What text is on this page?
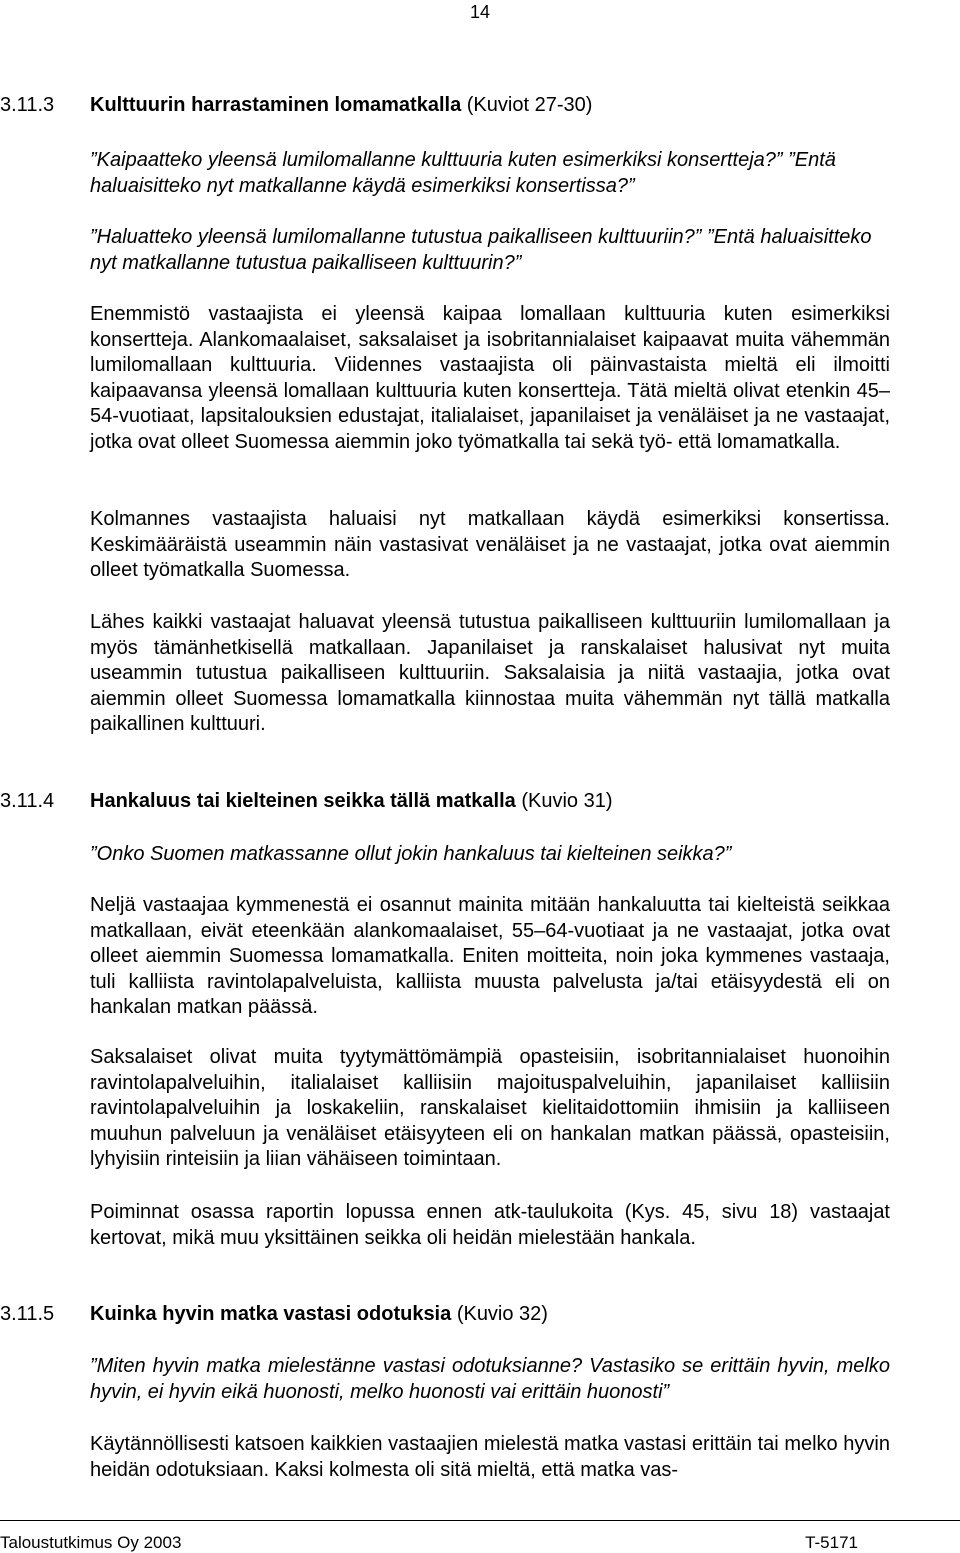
14
3.11.3	Kulttuurin harrastaminen lomamatkalla (Kuviot 27-30)
”Kaipaatteko yleensä lumilomallanne kulttuuria kuten esimerkiksi konsertteja?” ”Entä haluaisitteko nyt matkallanne käydä esimerkiksi konsertissa?”
”Haluatteko yleensä lumilomallanne tutustua paikalliseen kulttuuriin?” ”Entä haluaisitteko nyt matkallanne tutustua paikalliseen kulttuurin?”
Enemmistö vastaajista ei yleensä kaipaa lomallaan kulttuuria kuten esimerkiksi konsertteja. Alankomaalaiset, saksalaiset ja isobritannialaiset kaipaavat muita vähemmän lumilomallaan kulttuuria. Viidennes vastaajista oli päinvastaista mieltä eli ilmoitti kaipaavansa yleensä lomallaan kulttuuria kuten konsertteja. Tätä mieltä olivat etenkin 45‒54-vuotiaat, lapsitalouksien edustajat, italialaiset, japanilaiset ja venäläiset ja ne vastaajat, jotka ovat olleet Suomessa aiemmin joko työmatkalla tai sekä työ- että lomamatkalla.
Kolmannes vastaajista haluaisi nyt matkallaan käydä esimerkiksi konsertissa. Keskimääräistä useammin näin vastasivat venäläiset ja ne vastaajat, jotka ovat aiemmin olleet työmatkalla Suomessa.
Lähes kaikki vastaajat haluavat yleensä tutustua paikalliseen kulttuuriin lumilomallaan ja myös tämänhetkisellä matkallaan. Japanilaiset ja ranskalaiset halusivat nyt muita useammin tutustua paikalliseen kulttuuriin. Saksalaisia ja niitä vastaajia, jotka ovat aiemmin olleet Suomessa lomamatkalla kiinnostaa muita vähemmän nyt tällä matkalla paikallinen kulttuuri.
3.11.4	Hankaluus tai kielteinen seikka tällä matkalla (Kuvio 31)
”Onko Suomen matkassanne ollut jokin hankaluus tai kielteinen seikka?”
Neljä vastaajaa kymmenestä ei osannut mainita mitään hankaluutta tai kielteistä seikkaa matkallaan, eivät eteenkään alankomaalaiset, 55‒64-vuotiaat ja ne vastaajat, jotka ovat olleet aiemmin Suomessa lomamatkalla. Eniten moitteita, noin joka kymmenes vastaaja, tuli kalliista ravintolapalveluista, kalliista muusta palvelusta ja/tai etäisyydestä eli on hankalan matkan päässä.
Saksalaiset olivat muita tyytymättömämpiä opasteisiin, isobritannialaiset huonoihin ravintolapalveluihin, italialaiset kalliisiin majoituspalveluihin, japanilaiset kalliisiin ravintolapalveluihin ja loskakeliin, ranskalaiset kielitaidottomiin ihmisiin ja kalliiseen muuhun palveluun ja venäläiset etäisyyteen eli on hankalan matkan päässä, opasteisiin, lyhyisiin rinteisiin ja liian vähäiseen toimintaan.
Poiminnat osassa raportin lopussa ennen atk-taulukoita (Kys. 45, sivu 18) vastaajat kertovat, mikä muu yksittäinen seikka oli heidän mielestään hankala.
3.11.5	Kuinka hyvin matka vastasi odotuksia (Kuvio 32)
”Miten hyvin matka mielestänne vastasi odotuksianne? Vastasiko se erittäin hyvin, melko hyvin, ei hyvin eikä huonosti, melko huonosti vai erittäin huonosti”
Käytännöllisesti katsoen kaikkien vastaajien mielestä matka vastasi erittäin tai melko hyvin heidän odotuksiaan. Kaksi kolmesta oli sitä mieltä, että matka vas-
Taloustutkimus Oy 2003	T-5171
